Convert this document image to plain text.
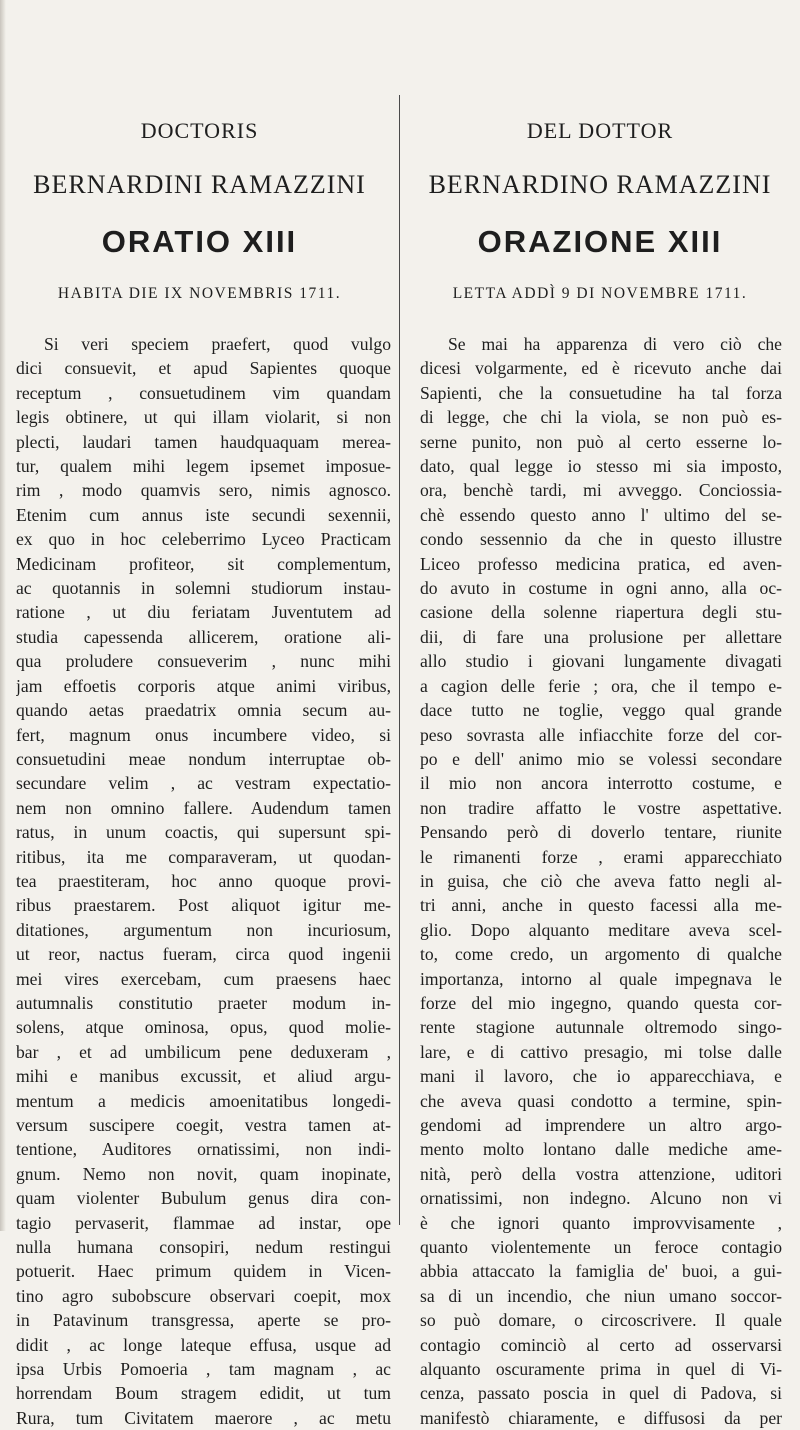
DOCTORIS
BERNARDINI RAMAZZINI
ORATIO XIII
HABITA DIE IX NOVEMBRIS 1711.
Si veri speciem praefert, quod vulgo
dici consuevit, et apud Sapientes quoque
receptum , consuetudinem vim quandam
legis obtinere, ut qui illam violarit, si non
plecti, laudari tamen haudquaquam merea-
tur, qualem mihi legem ipsemet imposue-
rim , modo quamvis sero, nimis agnosco.
Etenim cum annus iste secundi sexennii,
ex quo in hoc celeberrimo Lyceo Practicam
Medicinam profiteor, sit complementum,
ac quotannis in solemni studiorum instau-
ratione , ut diu feriatam Juventutem ad
studia capessenda allicerem, oratione ali-
qua proludere consueverim , nunc mihi
jam effoetis corporis atque animi viribus,
quando aetas praedatrix omnia secum au-
fert, magnum onus incumbere video, si
consuetudini meae nondum interruptae ob-
secundare velim , ac vestram expectatio-
nem non omnino fallere. Audendum tamen
ratus, in unum coactis, qui supersunt spi-
ritibus, ita me comparaveram, ut quodan-
tea praestiteram, hoc anno quoque provi-
ribus praestarem. Post aliquot igitur me-
ditationes, argumentum non incuriosum,
ut reor, nactus fueram, circa quod ingenii
mei vires exercebam, cum praesens haec
autumnalis constitutio praeter modum in-
solens, atque ominosa, opus, quod molie-
bar , et ad umbilicum pene deduxeram ,
mihi e manibus excussit, et aliud argu-
mentum a medicis amoenitatibus longedi-
versum suscipere coegit, vestra tamen at-
tentione, Auditores ornatissimi, non indi-
gnum. Nemo non novit, quam inopinate,
quam violenter Bubulum genus dira con-
tagio pervaserit, flammae ad instar, ope
nulla humana consopiri, nedum restingui
potuerit. Haec primum quidem in Vicen-
tino agro subobscure observari coepit, mox
in Patavinum transgressa, aperte se pro-
didit , ac longe lateque effusa, usque ad
ipsa Urbis Pomoeria , tam magnam , ac
horrendam Boum stragem edidit, ut tum
Rura, tum Civitatem maerore , ac metu
DEL DOTTOR
BERNARDINO RAMAZZINI
ORAZIONE XIII
LETTA ADDÌ 9 DI NOVEMBRE 1711.
Se mai ha apparenza di vero ciò che
dicesi volgarmente, ed è ricevuto anche dai
Sapienti, che la consuetudine ha tal forza
di legge, che chi la viola, se non può es-
serne punito, non può al certo esserne lo-
dato, qual legge io stesso mi sia imposto,
ora, benchè tardi, mi avveggo. Conciossia-
chè essendo questo anno l' ultimo del se-
condo sessennio da che in questo illustre
Liceo professo medicina pratica, ed aven-
do avuto in costume in ogni anno, alla oc-
casione della solenne riapertura degli stu-
dii, di fare una prolusione per allettare
allo studio i giovani lungamente divagati
a cagion delle ferie ; ora, che il tempo e-
dace tutto ne toglie, veggo qual grande
peso sovrasta alle infiacchite forze del cor-
po e dell' animo mio se volessi secondare
il mio non ancora interrotto costume, e
non tradire affatto le vostre aspettative.
Pensando però di doverlo tentare, riunite
le rimanenti forze , erami apparecchiato
in guisa, che ciò che aveva fatto negli al-
tri anni, anche in questo facessi alla me-
glio. Dopo alquanto meditare aveva scel-
to, come credo, un argomento di qualche
importanza, intorno al quale impegnava le
forze del mio ingegno, quando questa cor-
rente stagione autunnale oltremodo singo-
lare, e di cattivo presagio, mi tolse dalle
mani il lavoro, che io apparecchiava, e
che aveva quasi condotto a termine, spin-
gendomi ad imprendere un altro argo-
mento molto lontano dalle mediche ame-
nità, però della vostra attenzione, uditori
ornatissimi, non indegno. Alcuno non vi
è che ignori quanto improvvisamente ,
quanto violentemente un feroce contagio
abbia attaccato la famiglia de' buoi, a gui-
sa di un incendio, che niun umano soccor-
so può domare, o circoscrivere. Il quale
contagio cominciò al certo ad osservarsi
alquanto oscuramente prima in quel di Vi-
cenza, passato poscia in quel di Padova, si
manifestò chiaramente, e diffusosi da per
